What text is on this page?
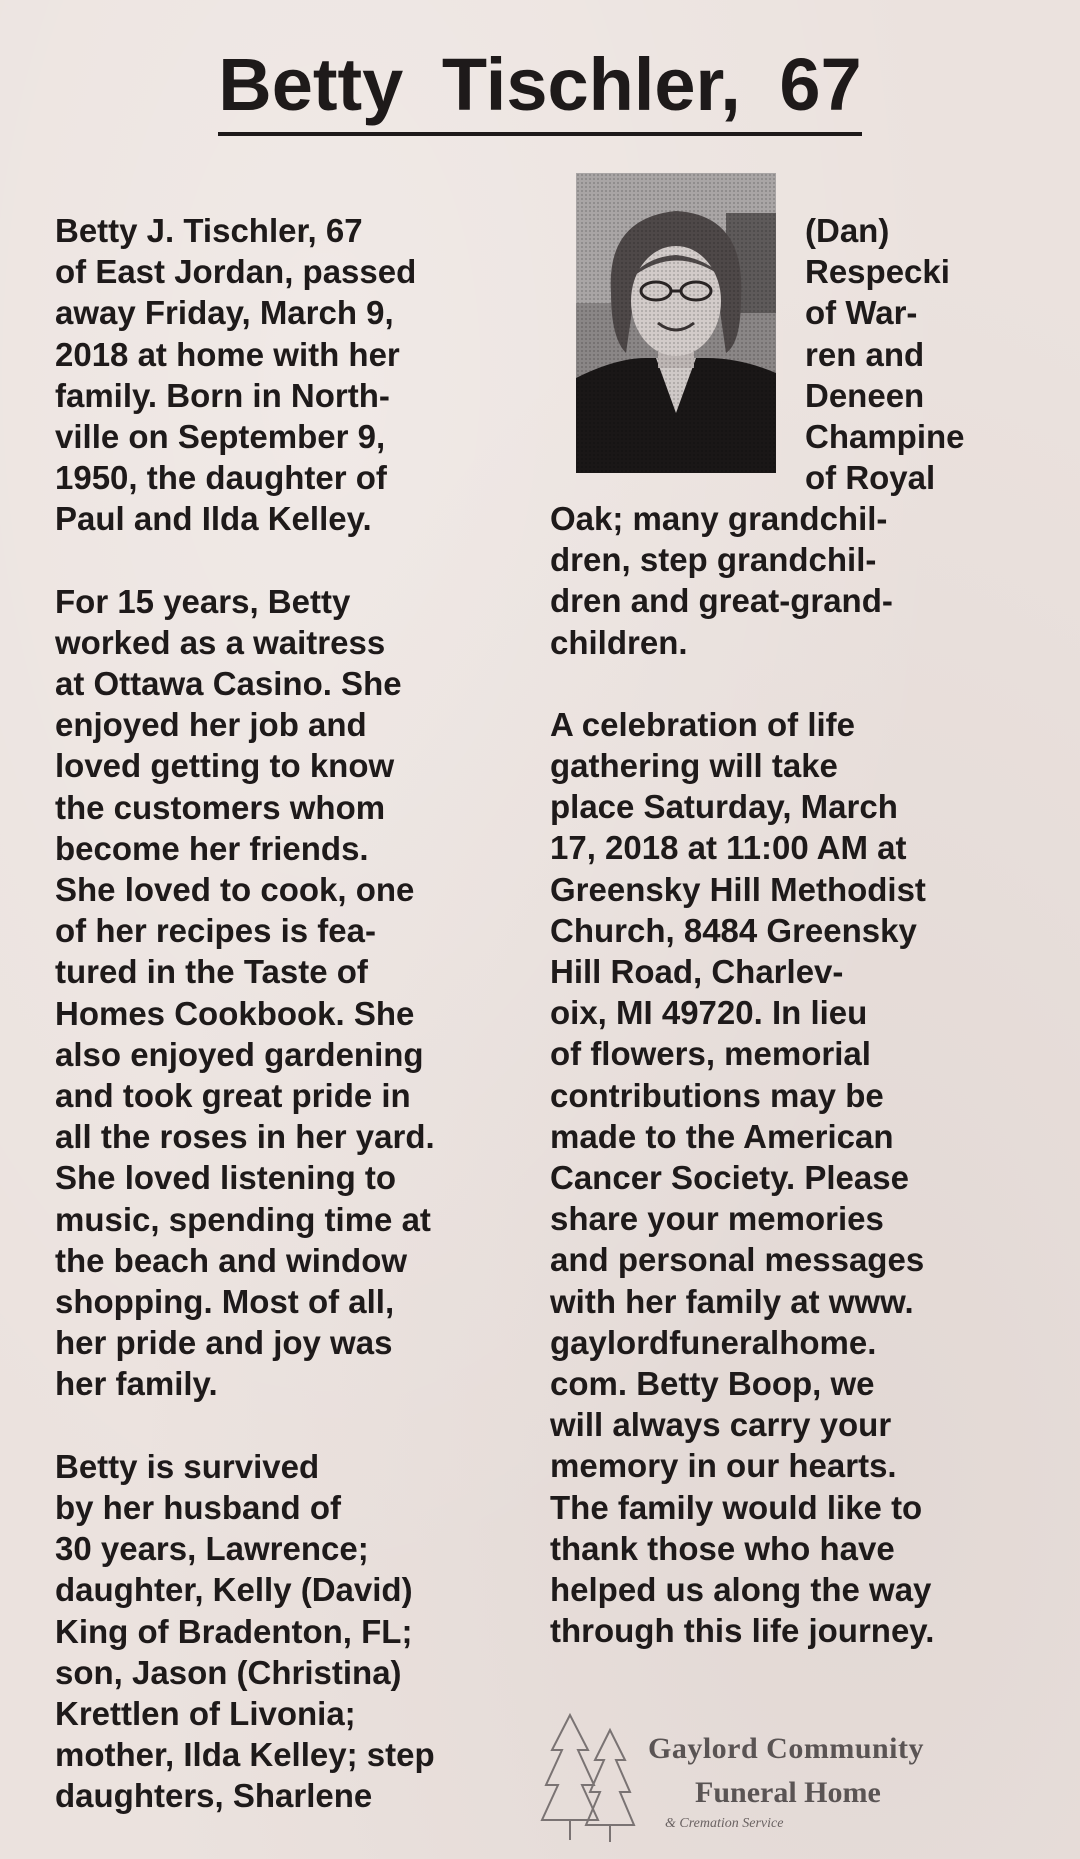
Betty Tischler, 67

Betty J. Tischler, 67
of East Jordan, passed
away Friday, March 9,
2018 at home with her
family. Born in North-
ville on September 9,
1950, the daughter of
Paul and Ilda Kelley.

For 15 years, Betty
worked as a waitress
at Ottawa Casino. She
enjoyed her job and
loved getting to know
the customers whom
become her friends.
She loved to cook, one
of her recipes is fea-
tured in the Taste of
Homes Cookbook. She
also enjoyed gardening
and took great pride in
all the roses in her yard.
She loved listening to
music, spending time at
the beach and window
shopping. Most of all,
her pride and joy was
her family.

Betty is survived
by her husband of
30 years, Lawrence;
daughter, Kelly (David)
King of Bradenton, FL;
son, Jason (Christina)
Krettlen of Livonia;
mother, Ilda Kelley; step
daughters, Sharlene

(Dan)
Respecki
of War-
ren and
Deneen
Champine
of Royal

Oak; many grandchil-
dren, step grandchil-
dren and great-grand-
children.

A celebration of life
gathering will take
place Saturday, March
17, 2018 at 11:00 AM at
Greensky Hill Methodist
Church, 8484 Greensky
Hill Road, Charlev-
oix, MI 49720. In lieu
of flowers, memorial
contributions may be
made to the American
Cancer Society. Please
share your memories
and personal messages
with her family at www.
gaylordfuneralhome.
com. Betty Boop, we
will always carry your
memory in our hearts.
The family would like to
thank those who have
helped us along the way
through this life journey.

Gaylord Community
Funeral Home
& Cremation Service
